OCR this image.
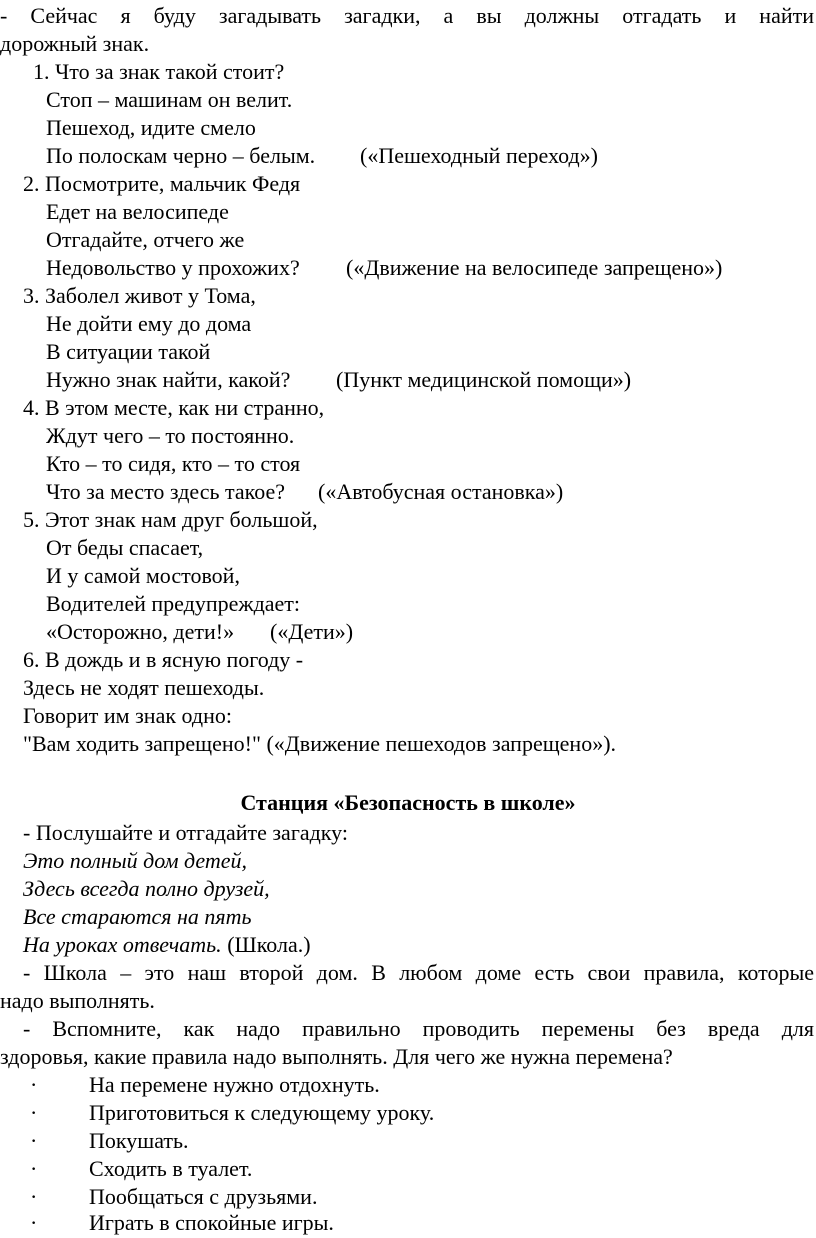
- Сейчас я буду загадывать загадки, а вы должны отгадать и найти
дорожный знак.
1. Что за знак такой стоит?
Стоп – машинам он велит.
Пешеход, идите смело
По полоскам черно – белым. («Пешеходный переход»)
2. Посмотрите, мальчик Федя
Едет на велосипеде
Отгадайте, отчего же
Недовольство у прохожих? («Движение на велосипеде запрещено»)
3. Заболел живот у Тома,
Не дойти ему до дома
В ситуации такой
Нужно знак найти, какой? (Пункт медицинской помощи»)
4. В этом месте, как ни странно,
Ждут чего – то постоянно.
Кто – то сидя, кто – то стоя
Что за место здесь такое? («Автобусная остановка»)
5. Этот знак нам друг большой,
От беды спасает,
И у самой мостовой,
Водителей предупреждает:
«Осторожно, дети!» («Дети»)
6. В дождь и в ясную погоду -
Здесь не ходят пешеходы.
Говорит им знак одно:
"Вам ходить запрещено!" («Движение пешеходов запрещено»).
Станция «Безопасность в школе»
- Послушайте и отгадайте загадку:
Это полный дом детей,
Здесь всегда полно друзей,
Все стараются на пять
На уроках отвечать. (Школа.)
- Школа – это наш второй дом. В любом доме есть свои правила, которые
надо выполнять.
- Вспомните, как надо правильно проводить перемены без вреда для
здоровья, какие правила надо выполнять. Для чего же нужна перемена?
· На перемене нужно отдохнуть.
· Приготовиться к следующему уроку.
· Покушать.
· Сходить в туалет.
· Пообщаться с друзьями.
· Играть в спокойные игры.
